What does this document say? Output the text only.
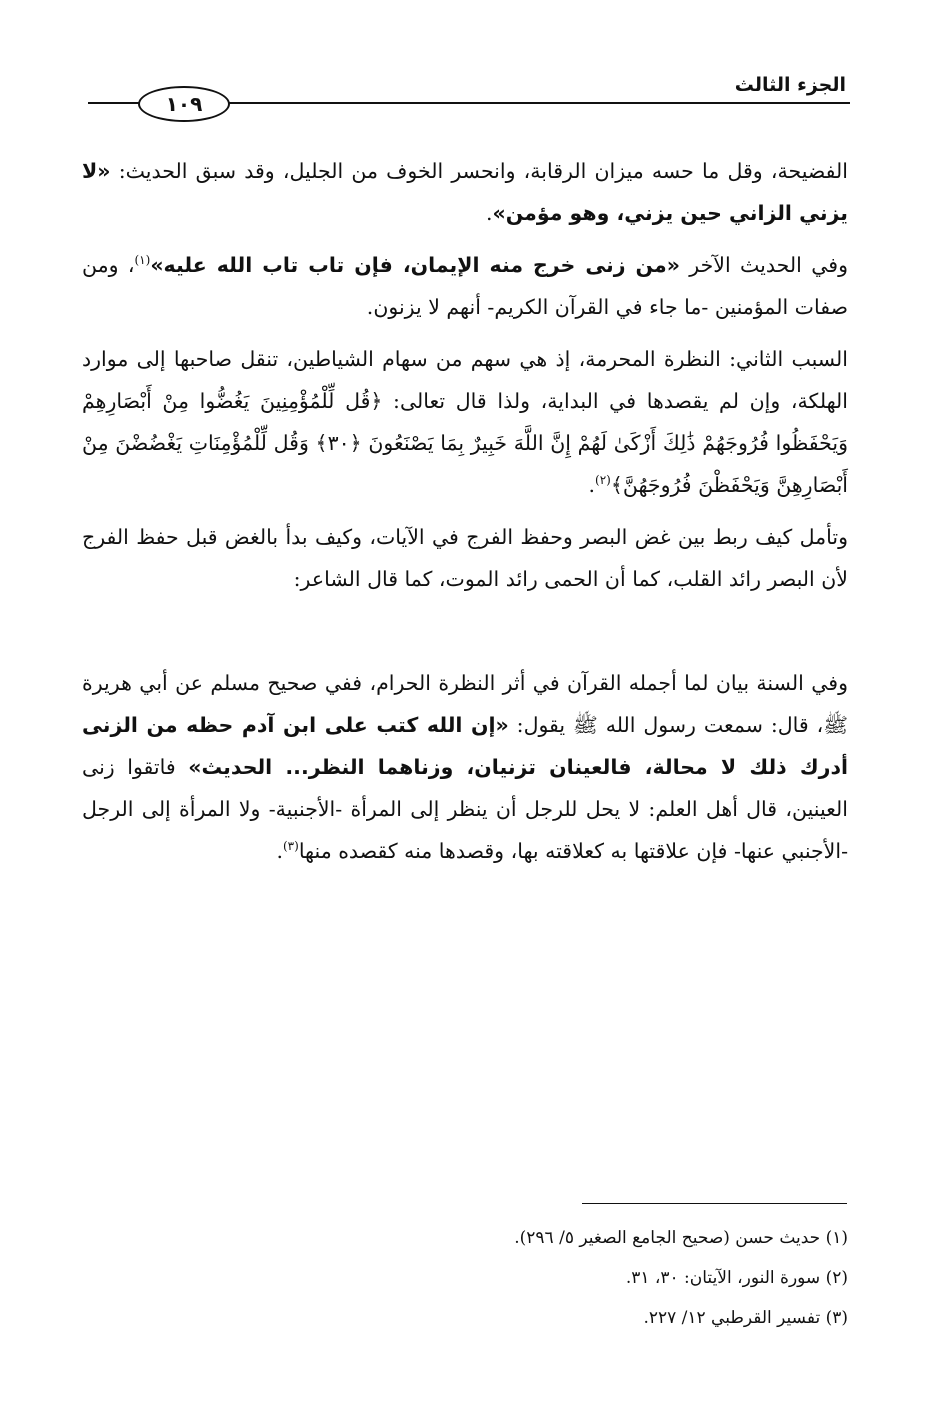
١٠٩
الجزء الثالث

الفضيحة، وقل ما حسه ميزان الرقابة، وانحسر الخوف من الجليل، وقد سبق الحديث: «لا يزني الزاني حين يزني، وهو مؤمن».

وفي الحديث الآخر «من زنى خرج منه الإيمان، فإن تاب تاب الله عليه»$^{(١)}$، ومن صفات المؤمنين -ما جاء في القرآن الكريم- أنهم لا يزنون.

السبب الثاني: النظرة المحرمة، إذ هي سهم من سهام الشياطين، تنقل صاحبها إلى موارد الهلكة، وإن لم يقصدها في البداية، ولذا قال تعالى: ﴿قُل لِّلْمُؤْمِنِينَ يَغُضُّوا مِنْ أَبْصَارِهِمْ وَيَحْفَظُوا فُرُوجَهُمْ ذَٰلِكَ أَزْكَىٰ لَهُمْ إِنَّ اللَّهَ خَبِيرٌ بِمَا يَصْنَعُونَ ﴿٣٠﴾ وَقُل لِّلْمُؤْمِنَاتِ يَغْضُضْنَ مِنْ أَبْصَارِهِنَّ وَيَحْفَظْنَ فُرُوجَهُنَّ﴾$^{(٢)}$.

وتأمل كيف ربط بين غض البصر وحفظ الفرج في الآيات، وكيف بدأ بالغض قبل حفظ الفرج لأن البصر رائد القلب، كما أن الحمى رائد الموت، كما قال الشاعر:

وفي السنة بيان لما أجمله القرآن في أثر النظرة الحرام، ففي صحيح مسلم عن أبي هريرة ﷺ، قال: سمعت رسول الله ﷺ يقول: «إن الله كتب على ابن آدم حظه من الزنى أدرك ذلك لا محالة، فالعينان تزنيان، وزناهما النظر... الحديث» فاتقوا زنى العينين، قال أهل العلم: لا يحل للرجل أن ينظر إلى المرأة -الأجنبية- ولا المرأة إلى الرجل -الأجنبي عنها- فإن علاقتها به كعلاقته بها، وقصدها منه كقصده منها$^{(٣)}$.

(١) حديث حسن (صحيح الجامع الصغير ٥/ ٢٩٦).

(٢) سورة النور، الآيتان: ٣٠، ٣١.

(٣) تفسير القرطبي ١٢/ ٢٢٧.
